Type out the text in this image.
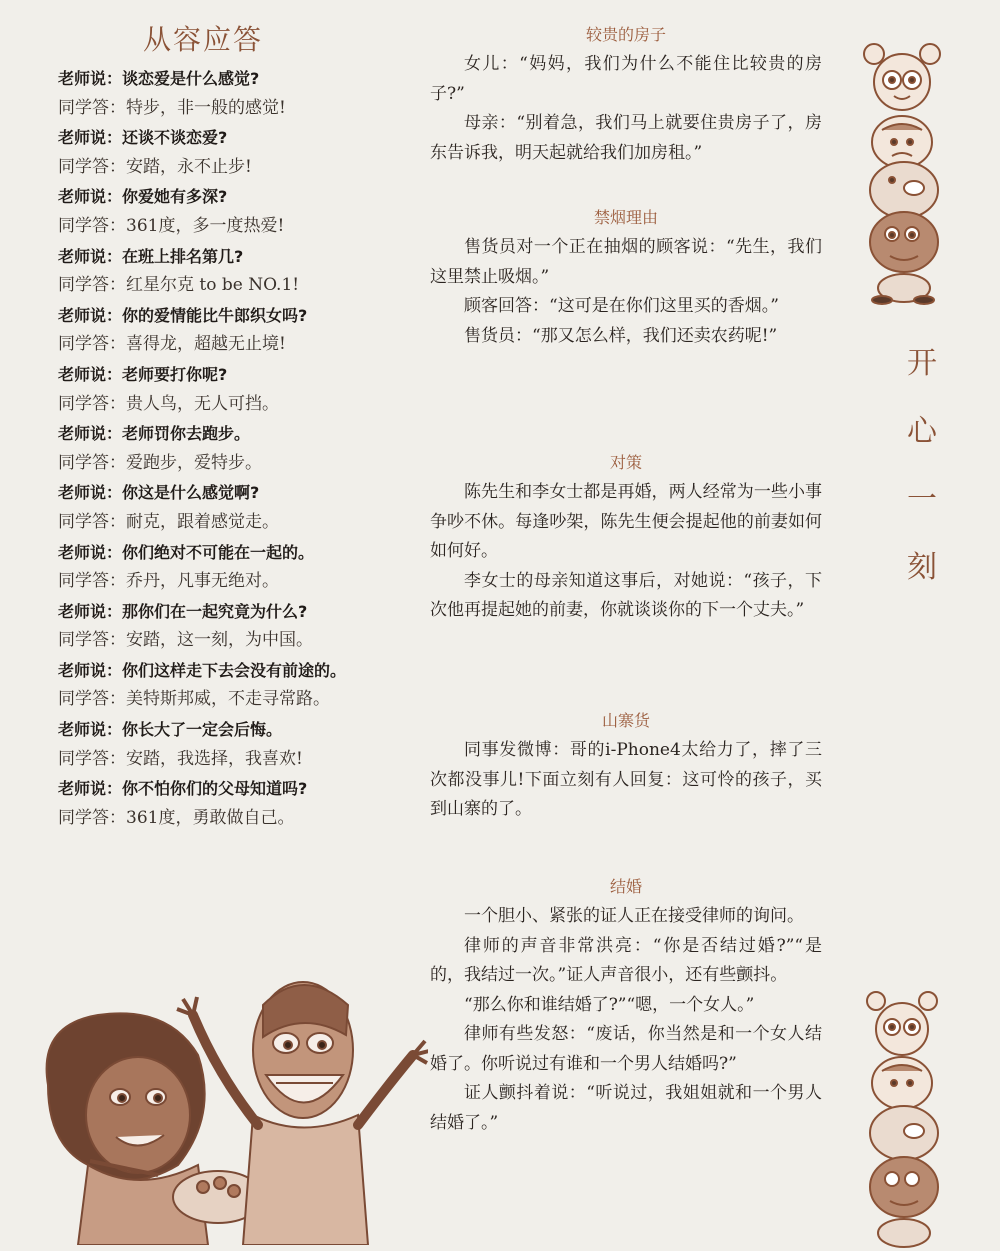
从容应答
老师说：谈恋爱是什么感觉?
同学答：特步，非一般的感觉!
老师说：还谈不谈恋爱?
同学答：安踏，永不止步!
老师说：你爱她有多深?
同学答：361度，多一度热爱!
老师说：在班上排名第几?
同学答：红星尔克 to be NO.1!
老师说：你的爱情能比牛郎织女吗?
同学答：喜得龙，超越无止境!
老师说：老师要打你呢?
同学答：贵人鸟，无人可挡。
老师说：老师罚你去跑步。
同学答：爱跑步，爱特步。
老师说：你这是什么感觉啊?
同学答：耐克，跟着感觉走。
老师说：你们绝对不可能在一起的。
同学答：乔丹，凡事无绝对。
老师说：那你们在一起究竟为什么?
同学答：安踏，这一刻，为中国。
老师说：你们这样走下去会没有前途的。
同学答：美特斯邦威，不走寻常路。
老师说：你长大了一定会后悔。
同学答：安踏，我选择，我喜欢!
老师说：你不怕你们的父母知道吗?
同学答：361度，勇敢做自己。
较贵的房子

女儿：“妈妈，我们为什么不能住比较贵的房子?”

母亲：“别着急，我们马上就要住贵房子了，房东告诉我，明天起就给我们加房租。”

禁烟理由

售货员对一个正在抽烟的顾客说：“先生，我们这里禁止吸烟。”

顾客回答：“这可是在你们这里买的香烟。”

售货员：“那又怎么样，我们还卖农药呢!”

对策

陈先生和李女士都是再婚，两人经常为一些小事争吵不休。每逢吵架，陈先生便会提起他的前妻如何如何好。

李女士的母亲知道这事后，对她说：“孩子，下次他再提起她的前妻，你就谈谈你的下一个丈夫。”

山寨货

同事发微博：哥的i-Phone4太给力了，摔了三次都没事儿!下面立刻有人回复：这可怜的孩子，买到山寨的了。

结婚

一个胆小、紧张的证人正在接受律师的询问。

律师的声音非常洪亮：“你是否结过婚?”“是的，我结过一次。”证人声音很小，还有些颤抖。

“那么你和谁结婚了?”“嗯，一个女人。”

律师有些发怒：“废话，你当然是和一个女人结婚了。你听说过有谁和一个男人结婚吗?”

证人颤抖着说：“听说过，我姐姐就和一个男人结婚了。”

开
心
一
刻
